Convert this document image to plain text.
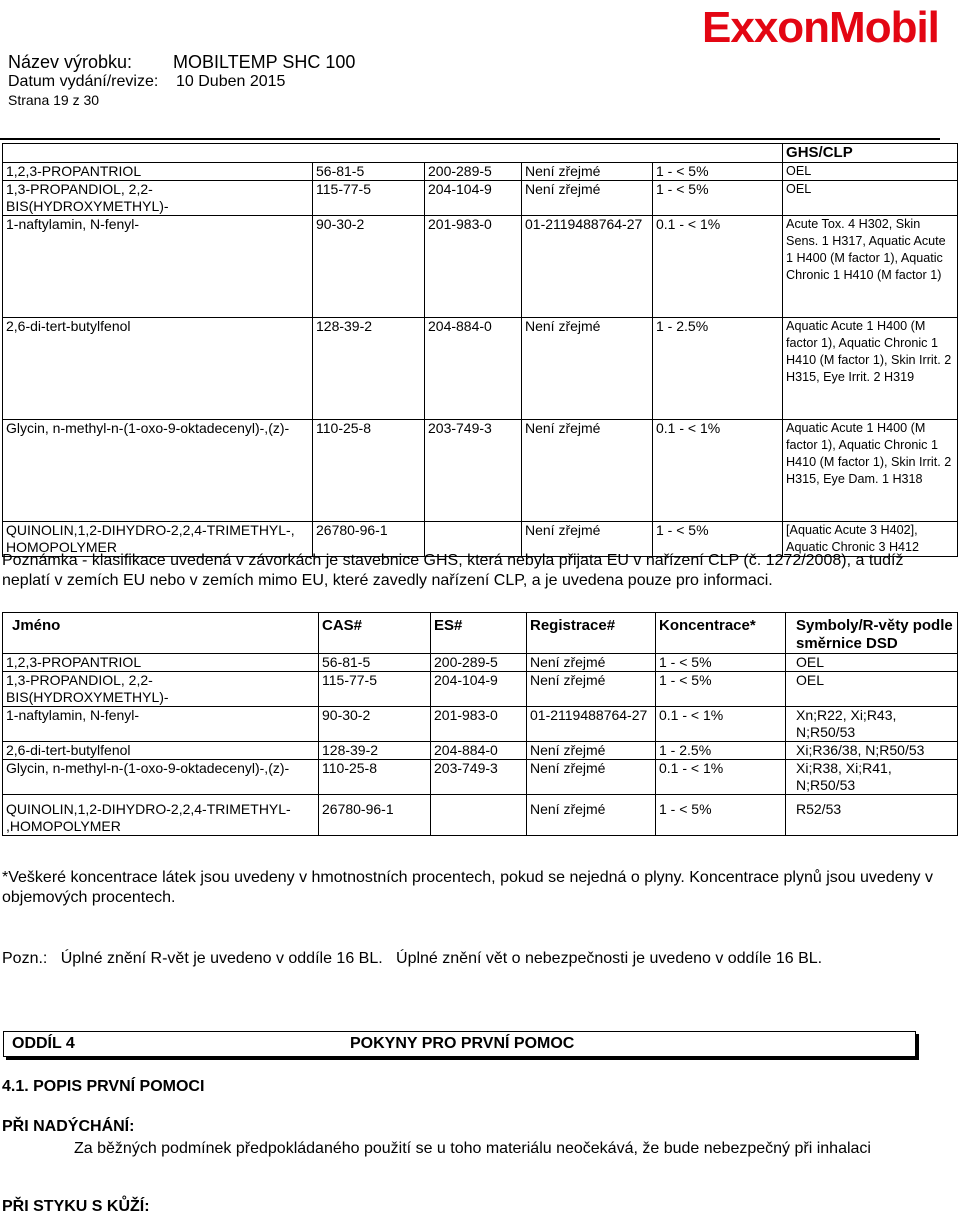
Název výrobku: MOBILTEMP SHC 100
Datum vydání/revize: 10 Duben 2015
Strana 19 z 30
ExxonMobil
					GHS/CLP
1,2,3-PROPANTRIOL	56-81-5	200-289-5	Není zřejmé	1 - < 5%	OEL
1,3-PROPANDIOL, 2,2-BIS(HYDROXYMETHYL)-	115-77-5	204-104-9	Není zřejmé	1 - < 5%	OEL
1-naftylamin, N-fenyl-	90-30-2	201-983-0	01-2119488764-27	0.1 - < 1%	Acute Tox. 4 H302, Skin Sens. 1 H317, Aquatic Acute 1 H400 (M factor 1), Aquatic Chronic 1 H410 (M factor 1)
2,6-di-tert-butylfenol	128-39-2	204-884-0	Není zřejmé	1 - 2.5%	Aquatic Acute 1 H400 (M factor 1), Aquatic Chronic 1 H410 (M factor 1), Skin Irrit. 2 H315, Eye Irrit. 2 H319
Glycin, n-methyl-n-(1-oxo-9-oktadecenyl)-,(z)-	110-25-8	203-749-3	Není zřejmé	0.1 - < 1%	Aquatic Acute 1 H400 (M factor 1), Aquatic Chronic 1 H410 (M factor 1), Skin Irrit. 2 H315, Eye Dam. 1 H318
QUINOLIN,1,2-DIHYDRO-2,2,4-TRIMETHYL-, HOMOPOLYMER	26780-96-1		Není zřejmé	1 - < 5%	[Aquatic Acute 3 H402], Aquatic Chronic 3 H412
Poznámka - klasifikace uvedená v závorkách je stavebnice GHS, která nebyla přijata EU v nařízení CLP (č. 1272/2008), a tudíž neplatí v zemích EU nebo v zemích mimo EU, které zavedly nařízení CLP, a je uvedena pouze pro informaci.
Jméno	CAS#	ES#	Registrace#	Koncentrace*	Symboly/R-věty podle směrnice DSD
1,2,3-PROPANTRIOL	56-81-5	200-289-5	Není zřejmé	1 - < 5%	OEL
1,3-PROPANDIOL, 2,2-BIS(HYDROXYMETHYL)-	115-77-5	204-104-9	Není zřejmé	1 - < 5%	OEL
1-naftylamin, N-fenyl-	90-30-2	201-983-0	01-2119488764-27	0.1 - < 1%	Xn;R22, Xi;R43, N;R50/53
2,6-di-tert-butylfenol	128-39-2	204-884-0	Není zřejmé	1 - 2.5%	Xi;R36/38, N;R50/53
Glycin, n-methyl-n-(1-oxo-9-oktadecenyl)-,(z)-	110-25-8	203-749-3	Není zřejmé	0.1 - < 1%	Xi;R38, Xi;R41, N;R50/53
QUINOLIN,1,2-DIHYDRO-2,2,4-TRIMETHYL- ,HOMOPOLYMER	26780-96-1		Není zřejmé	1 - < 5%	R52/53
*Veškeré koncentrace látek jsou uvedeny v hmotnostních procentech, pokud se nejedná o plyny. Koncentrace plynů jsou uvedeny v objemových procentech.
Pozn.:   Úplné znění R-vět je uvedeno v oddíle 16 BL.   Úplné znění vět o nebezpečnosti je uvedeno v oddíle 16 BL.
ODDÍL 4	POKYNY PRO PRVNÍ POMOC
4.1. POPIS PRVNÍ POMOCI
PŘI NADÝCHÁNÍ:
Za běžných podmínek předpokládaného použití se u toho materiálu neočekává, že bude nebezpečný při inhalaci
PŘI STYKU S KŮŽÍ:
